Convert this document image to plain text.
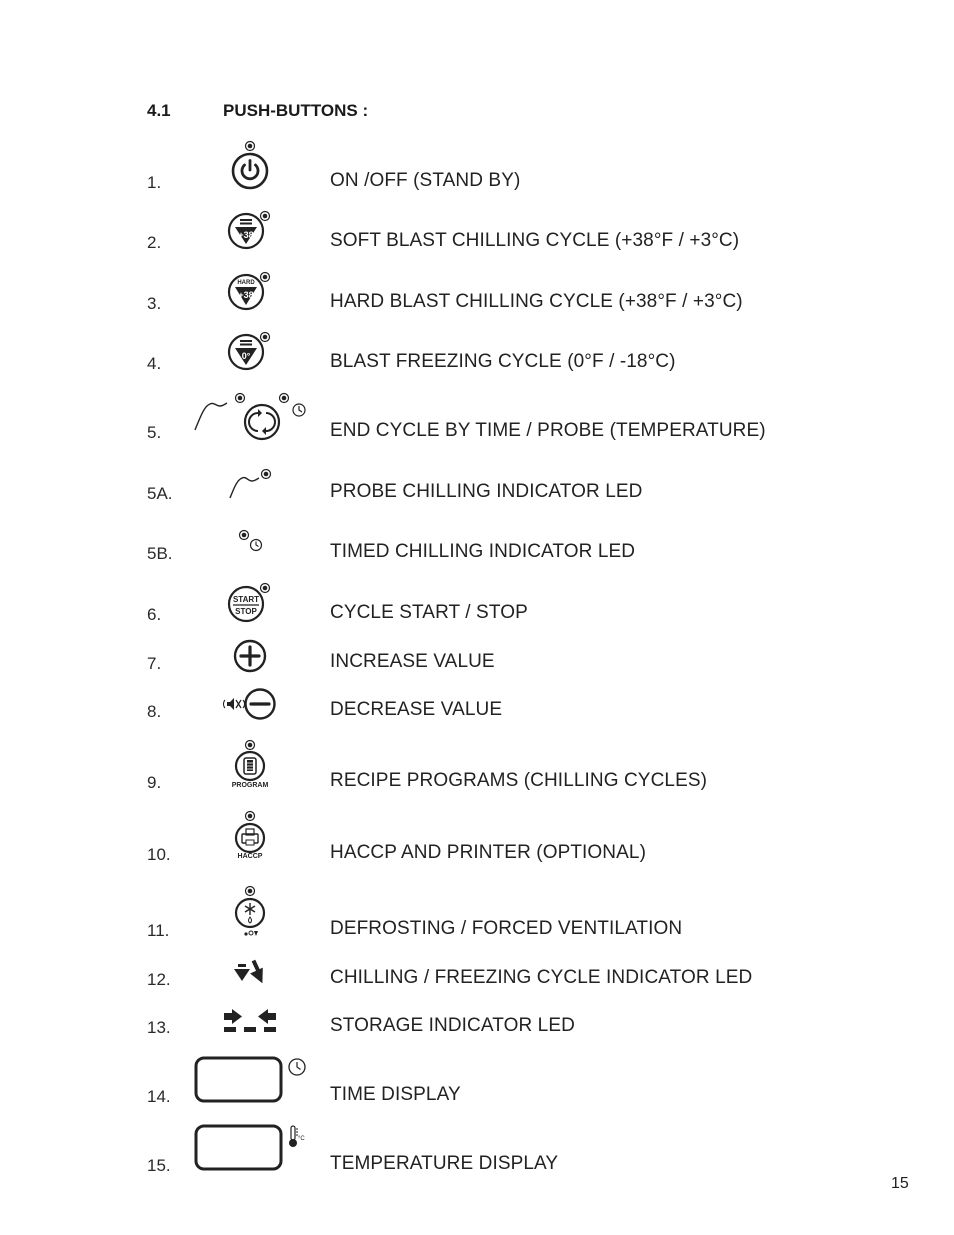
4.1	PUSH-BUTTONS :
1.	ON /OFF (STAND BY)
2.	SOFT BLAST CHILLING CYCLE (+38°F / +3°C)
+38
3.	HARD BLAST CHILLING CYCLE (+38°F / +3°C)
HARD
+38
4.	BLAST FREEZING CYCLE (0°F / -18°C)
0°
5.	END CYCLE BY TIME / PROBE (TEMPERATURE)
5A.	PROBE CHILLING INDICATOR LED
5B.	TIMED CHILLING INDICATOR LED
6.	CYCLE START / STOP
START
STOP
7.	INCREASE VALUE
8.	DECREASE VALUE
9.	RECIPE PROGRAMS (CHILLING CYCLES)
PROGRAM
10.	HACCP AND PRINTER (OPTIONAL)
HACCP
11.	DEFROSTING / FORCED VENTILATION
12.	CHILLING / FREEZING CYCLE INDICATOR LED
13.	STORAGE INDICATOR LED
14.	TIME DISPLAY
15.	TEMPERATURE DISPLAY
°C
15
